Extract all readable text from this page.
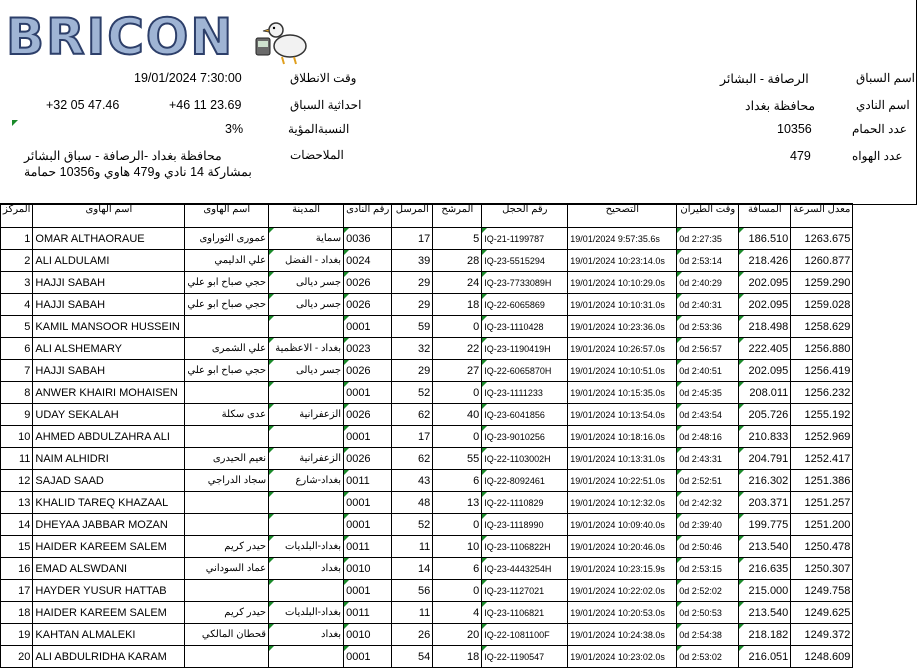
BRICON
وقت الانطلاق
19/01/2024 7:30:00
احداثية السباق
+46 11 23.69
+32 05 47.46
النسبةالمؤية
3%
الملاحضات
محافظة بغداد -الرصافة - سباق البشائر بمشاركة 14 نادي و479 هاوي و10356 حمامة
اسم السباق
الرصافة - البشائر
اسم النادي
محافظة بغداد
عدد الحمام
10356
عدد الهواه
479
المركز	اسم الهاوى	اسم الهاوى	المدينة	رقم النادى	المرسل	المرشح	رقم الحجل	التصحيح	وقت الطيران	المسافة	معدل السرعة
1	OMAR ALTHAORAUE	عمورى الثوراوى	سماية	0036	17	5	IQ-21-1199787	19/01/2024 9:57:35.6s	0d 2:27:35	186.510	1263.675
2	ALI ALDULAMI	علي الدليمي	بغداد - الفضل	0024	39	28	IQ-23-5515294	19/01/2024 10:23:14.0s	0d 2:53:14	218.426	1260.877
3	HAJJI SABAH	حجي صباح ابو علي	جسر ديالى	0026	29	24	IQ-23-7733089H	19/01/2024 10:10:29.0s	0d 2:40:29	202.095	1259.290
4	HAJJI SABAH	حجي صباح ابو علي	جسر ديالى	0026	29	18	IQ-22-6065869	19/01/2024 10:10:31.0s	0d 2:40:31	202.095	1259.028
5	KAMIL MANSOOR HUSSEIN			0001	59	0	IQ-23-1110428	19/01/2024 10:23:36.0s	0d 2:53:36	218.498	1258.629
6	ALI ALSHEMARY	علي الشمرى	بغداد - الاعظمية	0023	32	22	IQ-23-1190419H	19/01/2024 10:26:57.0s	0d 2:56:57	222.405	1256.880
7	HAJJI SABAH	حجي صباح ابو علي	جسر ديالى	0026	29	27	IQ-22-6065870H	19/01/2024 10:10:51.0s	0d 2:40:51	202.095	1256.419
8	ANWER KHAIRI MOHAISEN			0001	52	0	IQ-23-1111233	19/01/2024 10:15:35.0s	0d 2:45:35	208.011	1256.232
9	UDAY SEKALAH	عدى سكلة	الزعفرانية	0026	62	40	IQ-23-6041856	19/01/2024 10:13:54.0s	0d 2:43:54	205.726	1255.192
10	AHMED ABDULZAHRA ALI			0001	17	0	IQ-23-9010256	19/01/2024 10:18:16.0s	0d 2:48:16	210.833	1252.969
11	NAIM ALHIDRI	نعيم الحيدرى	الزعفرانية	0026	62	55	IQ-22-1103002H	19/01/2024 10:13:31.0s	0d 2:43:31	204.791	1252.417
12	SAJAD SAAD	سجاد الدراجي	بغداد-شارع	0011	43	6	IQ-22-8092461	19/01/2024 10:22:51.0s	0d 2:52:51	216.302	1251.386
13	KHALID TAREQ KHAZAAL			0001	48	13	IQ-22-1110829	19/01/2024 10:12:32.0s	0d 2:42:32	203.371	1251.257
14	DHEYAA JABBAR MOZAN			0001	52	0	IQ-23-1118990	19/01/2024 10:09:40.0s	0d 2:39:40	199.775	1251.200
15	HAIDER KAREEM SALEM	حيدر كريم	بغداد-البلديات	0011	11	10	IQ-23-1106822H	19/01/2024 10:20:46.0s	0d 2:50:46	213.540	1250.478
16	EMAD ALSWDANI	عماد السوداني	بغداد	0010	14	6	IQ-23-4443254H	19/01/2024 10:23:15.9s	0d 2:53:15	216.635	1250.307
17	HAYDER YUSUR HATTAB			0001	56	0	IQ-23-1127021	19/01/2024 10:22:02.0s	0d 2:52:02	215.000	1249.758
18	HAIDER KAREEM SALEM	حيدر كريم	بغداد-البلديات	0011	11	4	IQ-23-1106821	19/01/2024 10:20:53.0s	0d 2:50:53	213.540	1249.625
19	KAHTAN ALMALEKI	قحطان المالكي	بغداد	0010	26	20	IQ-22-1081100F	19/01/2024 10:24:38.0s	0d 2:54:38	218.182	1249.372
20	ALI ABDULRIDHA KARAM			0001	54	18	IQ-22-1190547	19/01/2024 10:23:02.0s	0d 2:53:02	216.051	1248.609
